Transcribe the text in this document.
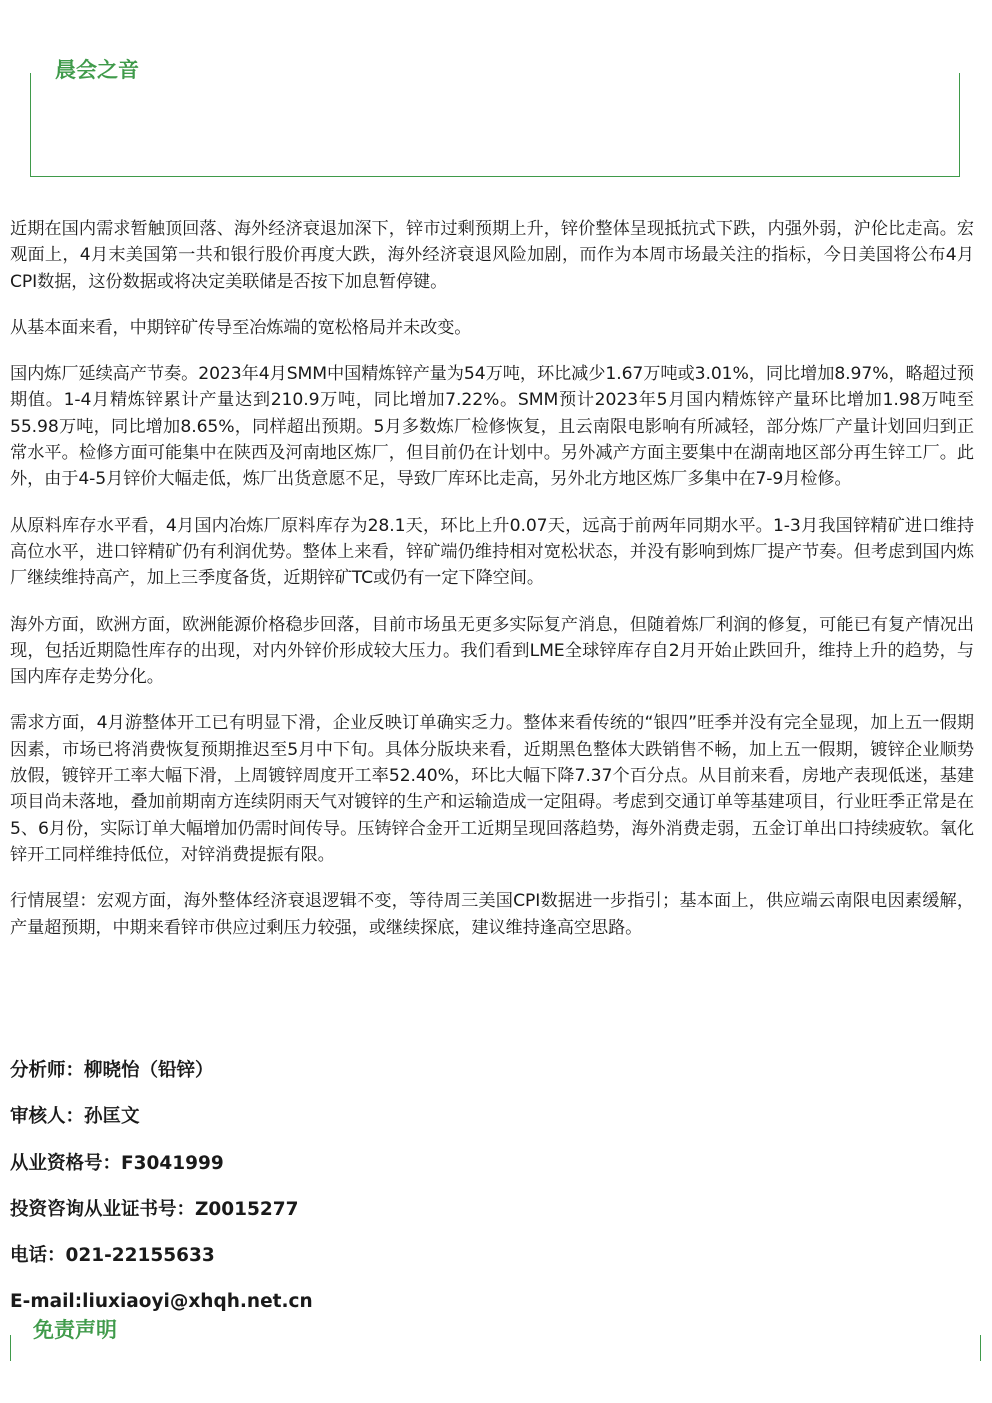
晨会之音

近期在国内需求暂触顶回落、海外经济衰退加深下，锌市过剩预期上升，锌价整体呈现抵抗式下跌，内强外弱，沪伦比走高。宏观面上，4月末美国第一共和银行股价再度大跌，海外经济衰退风险加剧，而作为本周市场最关注的指标，今日美国将公布4月CPI数据，这份数据或将决定美联储是否按下加息暂停键。

从基本面来看，中期锌矿传导至冶炼端的宽松格局并未改变。

国内炼厂延续高产节奏。2023年4月SMM中国精炼锌产量为54万吨，环比减少1.67万吨或3.01%，同比增加8.97%，略超过预期值。1-4月精炼锌累计产量达到210.9万吨，同比增加7.22%。SMM预计2023年5月国内精炼锌产量环比增加1.98万吨至55.98万吨，同比增加8.65%，同样超出预期。5月多数炼厂检修恢复，且云南限电影响有所减轻，部分炼厂产量计划回归到正常水平。检修方面可能集中在陕西及河南地区炼厂，但目前仍在计划中。另外减产方面主要集中在湖南地区部分再生锌工厂。此外，由于4-5月锌价大幅走低，炼厂出货意愿不足，导致厂库环比走高，另外北方地区炼厂多集中在7-9月检修。

从原料库存水平看，4月国内冶炼厂原料库存为28.1天，环比上升0.07天，远高于前两年同期水平。1-3月我国锌精矿进口维持高位水平，进口锌精矿仍有利润优势。整体上来看，锌矿端仍维持相对宽松状态，并没有影响到炼厂提产节奏。但考虑到国内炼厂继续维持高产，加上三季度备货，近期锌矿TC或仍有一定下降空间。

海外方面，欧洲方面，欧洲能源价格稳步回落，目前市场虽无更多实际复产消息，但随着炼厂利润的修复，可能已有复产情况出现，包括近期隐性库存的出现，对内外锌价形成较大压力。我们看到LME全球锌库存自2月开始止跌回升，维持上升的趋势，与国内库存走势分化。

需求方面，4月游整体开工已有明显下滑，企业反映订单确实乏力。整体来看传统的“银四”旺季并没有完全显现，加上五一假期因素，市场已将消费恢复预期推迟至5月中下旬。具体分版块来看，近期黑色整体大跌销售不畅，加上五一假期，镀锌企业顺势放假，镀锌开工率大幅下滑，上周镀锌周度开工率52.40%，环比大幅下降7.37个百分点。从目前来看，房地产表现低迷，基建项目尚未落地，叠加前期南方连续阴雨天气对镀锌的生产和运输造成一定阻碍。考虑到交通订单等基建项目，行业旺季正常是在5、6月份，实际订单大幅增加仍需时间传导。压铸锌合金开工近期呈现回落趋势，海外消费走弱，五金订单出口持续疲软。氧化锌开工同样维持低位，对锌消费提振有限。

行情展望：宏观方面，海外整体经济衰退逻辑不变，等待周三美国CPI数据进一步指引；基本面上，供应端云南限电因素缓解，产量超预期，中期来看锌市供应过剩压力较强，或继续探底，建议维持逢高空思路。

分析师：柳晓怡（铅锌）

审核人：孙匡文

从业资格号：F3041999

投资咨询从业证书号：Z0015277

电话：021-22155633

E-mail:liuxiaoyi@xhqh.net.cn

免责声明
